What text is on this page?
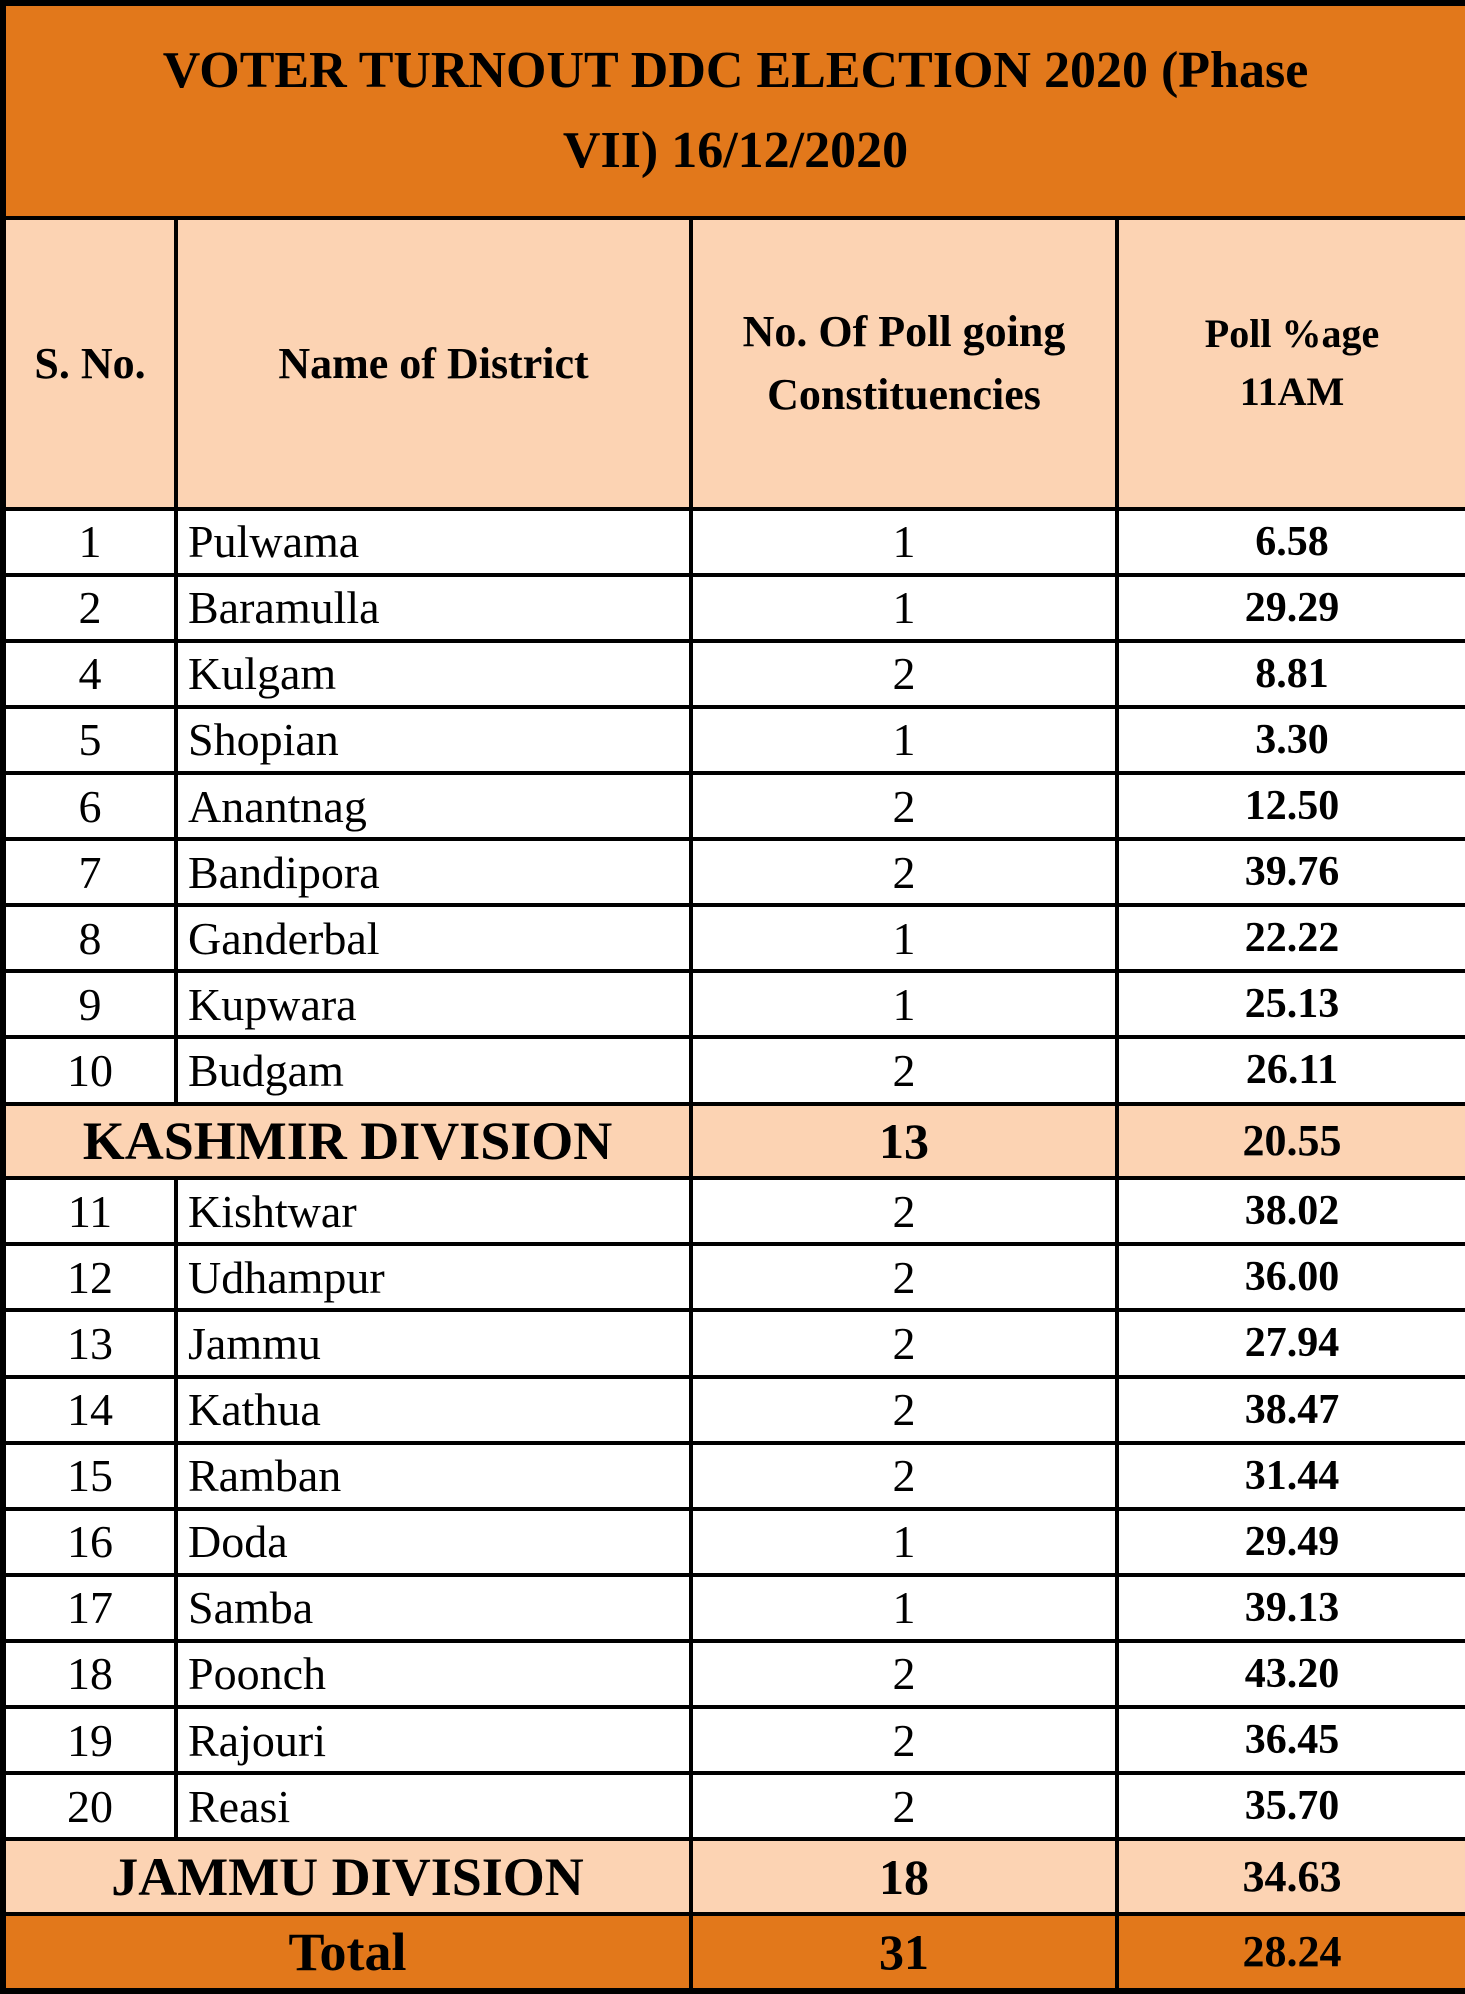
VOTER TURNOUT DDC ELECTION 2020 (Phase
VII) 16/12/2020			

S. No.	Name of District	No. Of Poll going Constituencies	Poll %age 11AM
1	Pulwama	1	6.58
2	Baramulla	1	29.29
4	Kulgam	2	8.81
5	Shopian	1	3.30
6	Anantnag	2	12.50
7	Bandipora	2	39.76
8	Ganderbal	1	22.22
9	Kupwara	1	25.13
10	Budgam	2	26.11
KASHMIR DIVISION		13	20.55
11	Kishtwar	2	38.02
12	Udhampur	2	36.00
13	Jammu	2	27.94
14	Kathua	2	38.47
15	Ramban	2	31.44
16	Doda	1	29.49
17	Samba	1	39.13
18	Poonch	2	43.20
19	Rajouri	2	36.45
20	Reasi	2	35.70
JAMMU DIVISION		18	34.63
Total		31	28.24
